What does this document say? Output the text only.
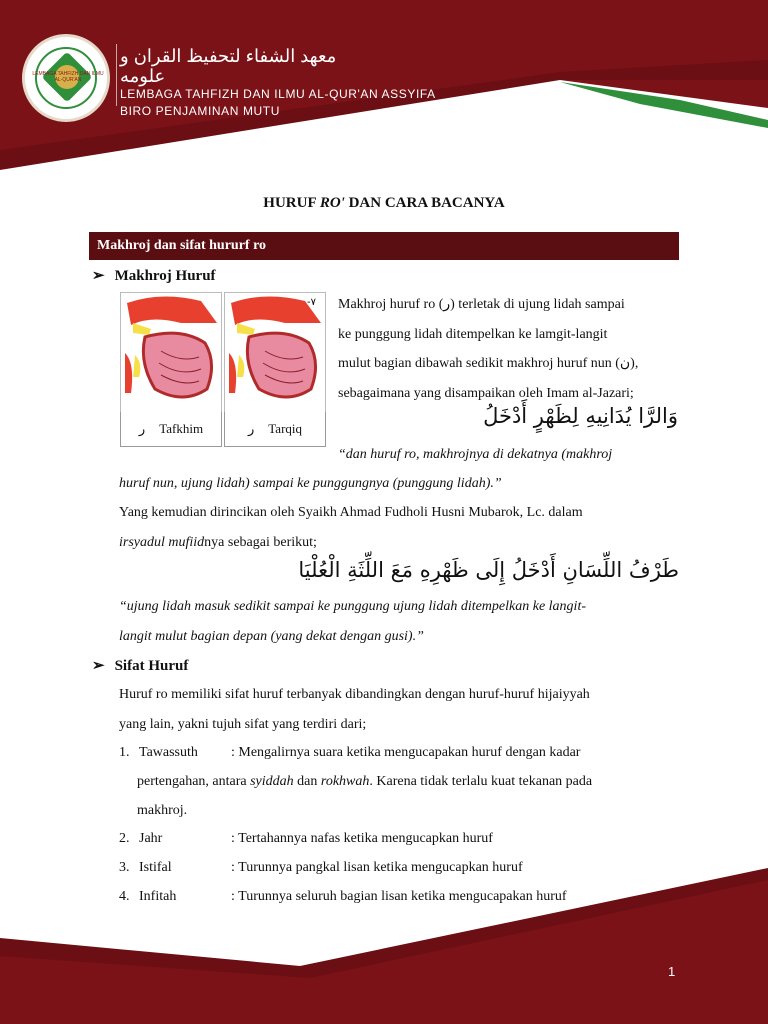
LEMBAGA TAHFIZH DAN ILMU AL-QUR'AN
معهد الشفاء لتحفيظ القران و علومه
LEMBAGA TAHFIZH DAN ILMU AL-QUR'AN ASSYIFA
BIRO PENJAMINAN MUTU
HURUF RO' DAN CARA BACANYA
Makhroj dan sifat hururf ro
➢ Makhroj Huruf
ر Tafkhim
-٧
ر Tarqiq
Makhroj huruf ro (ر) terletak di ujung lidah sampai
ke punggung lidah ditempelkan ke lamgit-langit
mulut bagian dibawah sedikit makhroj huruf nun (ن),
sebagaimana yang disampaikan oleh Imam al-Jazari;
وَالرَّا يُدَانِيهِ لِظَهْرٍ أَدْخَلُ
“dan huruf ro, makhrojnya di dekatnya (makhroj
huruf nun, ujung lidah) sampai ke punggungnya (punggung lidah).”
Yang kemudian dirincikan oleh Syaikh Ahmad Fudholi Husni Mubarok, Lc. dalam
irsyadul mufiidnya sebagai berikut;
طَرْفُ اللِّسَانِ أَدْخَلُ إِلَى ظَهْرِهِ مَعَ اللِّثَةِ الْعُلْيَا
“ujung lidah masuk sedikit sampai ke punggung ujung lidah ditempelkan ke langit-
langit mulut bagian depan (yang dekat dengan gusi).”
➢ Sifat Huruf
Huruf ro memiliki sifat huruf terbanyak dibandingkan dengan huruf-huruf hijaiyyah
yang lain, yakni tujuh sifat yang terdiri dari;
1. Tawassuth : Mengalirnya suara ketika mengucapakan huruf dengan kadar
pertengahan, antara syiddah dan rokhwah. Karena tidak terlalu kuat tekanan pada
makhroj.
2. Jahr	: Tertahannya nafas ketika mengucapkan huruf
3. Istifal	: Turunnya pangkal lisan ketika mengucapkan huruf
4. Infitah	: Turunnya seluruh bagian lisan ketika mengucapakan huruf
1
